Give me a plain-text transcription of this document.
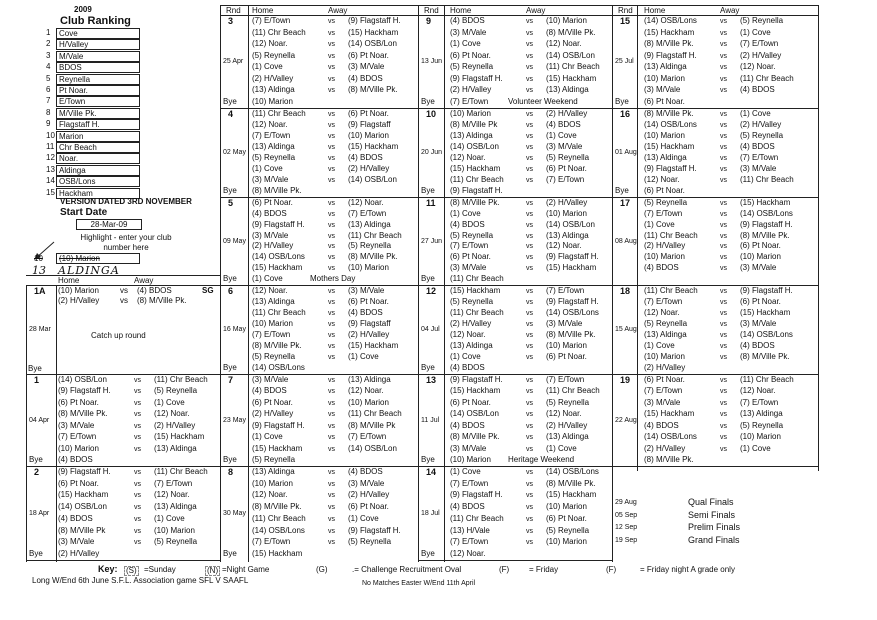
2009
Club Ranking
1	Cove
2	H/Valley
3	M/Vale
4	BDOS
5	Reynella
6	Pt Noar.
7	E/Town
8	M/Ville Pk.
9	Flagstaff H.
10 Marion
11 Chr Beach
12 Noar.
13 Aldinga
14 OSB/Lons
15 Hackham
VERSION DATED 3RD NOVEMBER
Start Date
28-Mar-09
Highlight - enter your club number here
10	(10) Marion
13 ALDINGA
Rnd Home	Away	Rnd Home	Away	Rnd Home	Away
Home	Away
1A
28 Mar
(10) Marion	vs (4) BDOS	SG
(2) H/Valley	vs (8) M/Ville Pk.
Catch up round
Bye
1
04 Apr
(14) OSB/Lon	vs (11) Chr Beach
(9) Flagstaff H.	vs (5) Reynella
(6) Pt Noar.	vs (1) Cove
(8) M/Ville Pk.	vs (12) Noar.
(3) M/Vale	vs (2) H/Valley
(7) E/Town	vs (15) Hackham
(10) Marion	vs (13) Aldinga
Bye (4) BDOS
2
18 Apr
(9) Flagstaff H.	vs (11) Chr Beach
(6) Pt Noar.	vs (7) E/Town
(15) Hackham	vs (12) Noar.
(14) OSB/Lon	vs (13) Aldinga
(4) BDOS	vs (1) Cove
(8) M/Ville Pk	vs (10) Marion
(3) M/Vale	vs (5) Reynella
Bye (2) H/Valley
3
25 Apr
(7) E/Town	vs (9) Flagstaff H.
(11) Chr Beach	vs (15) Hackham
(12) Noar.	vs (14) OSB/Lon
(5) Reynella	vs (6) Pt Noar.
(1) Cove	vs (3) M/Vale
(2) H/Valley	vs (4) BDOS
(13) Aldinga	vs (8) M/Ville Pk.
Bye (10) Marion
4
02 May
(11) Chr Beach	vs (6) Pt Noar.
(12) Noar.	vs (9) Flagstaff
(7) E/Town	vs (10) Marion
(13) Aldinga	vs (15) Hackham
(5) Reynella	vs (4) BDOS
(1) Cove	vs (2) H/Valley
(3) M/Vale	vs (14) OSB/Lon
Bye (8) M/Ville Pk.
5
09 May
(6) Pt Noar.	vs (12) Noar.
(4) BDOS	vs (7) E/Town
(9) Flagstaff H.	vs (13) Aldinga
(3) M/Vale	vs (11) Chr Beach
(2) H/Valley	vs (5) Reynella
(14) OSB/Lons	vs (8) M/Ville Pk.
(15) Hackham	vs (10) Marion
Bye (1) Cove	Mothers Day
6
16 May
(12) Noar.	vs (3) M/Vale
(13) Aldinga	vs (6) Pt Noar.
(11) Chr Beach	vs (4) BDOS
(10) Marion	vs (9) Flagstaff
(7) E/Town	vs (2) H/Valley
(8) M/Ville Pk.	vs (15) Hackham
(5) Reynella	vs (1) Cove
Bye (14) OSB/Lons
7
23 May
(3) M/Vale	vs (13) Aldinga
(4) BDOS	vs (12) Noar.
(6) Pt Noar.	vs (10) Marion
(2) H/Valley	vs (11) Chr Beach
(9) Flagstaff H.	vs (8) M/Ville Pk
(1) Cove	vs (7) E/Town
(15) Hackham	vs (14) OSB/Lon
Bye (5) Reynella
8
30 May
(13) Aldinga	vs (4) BDOS
(10) Marion	vs (3) M/Vale
(12) Noar.	vs (2) H/Valley
(8) M/Ville Pk.	vs (6) Pt Noar.
(11) Chr Beach	vs (1) Cove
(14) OSB/Lons	vs (9) Flagstaff H.
(7) E/Town	vs (5) Reynella
Bye (15) Hackham
9
13 Jun
(4) BDOS	vs (10) Marion
(3) M/Vale	vs (8) M/Ville Pk.
(1) Cove	vs (12) Noar.
(6) Pt Noar.	vs (14) OSB/Lon
(5) Reynella	vs (11) Chr Beach
(9) Flagstaff H.	vs (15) Hackham
(2) H/Valley	vs (13) Aldinga
Bye (7) E/Town Volunteer Weekend
10
20 Jun
(10) Marion	vs (2) H/Valley
(8) M/Ville Pk	vs (4) BDOS
(13) Aldinga	vs (1) Cove
(14) OSB/Lon	vs (3) M/Vale
(12) Noar.	vs (5) Reynella
(15) Hackham	vs (6) Pt Noar.
(11) Chr Beach	vs (7) E/Town
Bye (9) Flagstaff H.
11
27 Jun
(8) M/Ville Pk.	vs (2) H/Valley
(1) Cove	vs (10) Marion
(4) BDOS	vs (14) OSB/Lon
(5) Reynella	vs (13) Aldinga
(7) E/Town	vs (12) Noar.
(6) Pt Noar.	vs (9) Flagstaff H.
(3) M/Vale	vs (15) Hackham
Bye (11) Chr Beach
12
04 Jul
(15) Hackham	vs (7) E/Town
(5) Reynella	vs (9) Flagstaff H.
(11) Chr Beach	vs (14) OSB/Lons
(2) H/Valley	vs (3) M/Vale
(12) Noar.	vs (8) M/Ville Pk.
(13) Aldinga	vs (10) Marion
(1) Cove	vs (6) Pt Noar.
Bye (4) BDOS
13
11 Jul
(9) Flagstaff H.	vs (7) E/Town
(15) Hackham	vs (11) Chr Beach
(6) Pt Noar.	vs (5) Reynella
(14) OSB/Lon	vs (12) Noar.
(4) BDOS	vs (2) H/Valley
(8) M/Ville Pk.	vs (13) Aldinga
(3) M/Vale	vs (1) Cove
Bye (10) Marion Heritage Weekend
14
18 Jul
(1) Cove	vs (14) OSB/Lons
(7) E/Town	vs (8) M/Ville Pk.
(9) Flagstaff H.	vs (15) Hackham
(4) BDOS	vs (10) Marion
(11) Chr Beach	vs (6) Pt Noar.
(13) H/Vale	vs (5) Reynella
(7) E/Town	vs (10) Marion
Bye (12) Noar.
15
25 Jul
(14) OSB/Lons	vs (5) Reynella
(15) Hackham	vs (1) Cove
(8) M/Ville Pk.	vs (7) E/Town
(9) Flagstaff H.	vs (2) H/Valley
(13) Aldinga	vs (12) Noar.
(10) Marion	vs (11) Chr Beach
(3) M/Vale	vs (4) BDOS
Bye (6) Pt Noar.
16
01 Aug
(8) M/Ville Pk.	vs (1) Cove
(14) OSB/Lons	vs (2) H/Valley
(10) Marion	vs (5) Reynella
(15) Hackham	vs (4) BDOS
(13) Aldinga	vs (7) E/Town
(9) Flagstaff H.	vs (3) M/Vale
(12) Noar.	vs (11) Chr Beach
Bye (6) Pt Noar.
17
08 Aug
(5) Reynella	vs (15) Hackham
(7) E/Town	vs (14) OSB/Lons
(1) Cove	vs (9) Flagstaff H.
(11) Chr Beach	vs (8) M/Ville Pk.
(2) H/Valley	vs (6) Pt Noar.
(10) Marion	vs (10) Marion
(4) BDOS	vs (3) M/Vale
18
15 Aug
(11) Chr Beach	vs (9) Flagstaff H.
(7) E/Town	vs (6) Pt Noar.
(12) Noar.	vs (15) Hackham
(5) Reynella	vs (3) M/Vale
(13) Aldinga	vs (14) OSB/Lons
(1) Cove	vs (4) BDOS
(10) Marion	vs (8) M/Ville Pk.
(2) H/Valley
19
22 Aug
(6) Pt Noar.	vs (11) Chr Beach
(7) E/Town	vs (12) Noar.
(3) M/Vale	vs (7) E/Town
(15) Hackham	vs (13) Aldinga
(4) BDOS	vs (5) Reynella
(14) OSB/Lons	vs (10) Marion
(2) H/Valley	vs (1) Cove
(8) M/Ville Pk.
29 Aug	Qual Finals
05 Sep	Semi Finals
12 Sep	Prelim Finals
19 Sep	Grand Finals
Key: (S) =Sunday	(N) =Night Game	(G)	.= Challenge Recruitment Oval	(F) = Friday	(F)	= Friday night A grade only
Long W/End 6th June S.F.L. Association game SFL V SAAFL	No Matches Easter W/End 11th April
